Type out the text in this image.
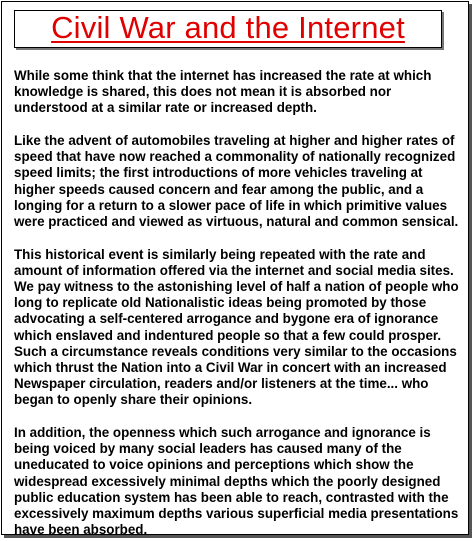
Civil War and the Internet

While some think that the internet has increased the rate at which knowledge is shared, this does not mean it is absorbed nor understood at a similar rate or increased depth.

Like the advent of automobiles traveling at higher and higher rates of speed that have now reached a commonality of nationally recognized speed limits; the first introductions of more vehicles traveling at higher speeds caused concern and fear among the public, and a longing for a return to a slower pace of life in which primitive values were practiced and viewed as virtuous, natural and common sensical.

This historical event is similarly being repeated with the rate and amount of information offered via the internet and social media sites. We pay witness to the astonishing level of half a nation of people who long to replicate old Nationalistic ideas being promoted by those advocating a self-centered arrogance and bygone era of ignorance which enslaved and indentured people so that a few could prosper. Such a circumstance reveals conditions very similar to the occasions which thrust the Nation into a Civil War in concert with an increased Newspaper circulation, readers and/or listeners at the time... who began to openly share their opinions.

In addition, the openness which such arrogance and ignorance is being voiced by many social leaders has caused many of the uneducated to voice opinions and perceptions which show the widespread excessively minimal depths which the poorly designed public education system has been able to reach, contrasted with the excessively maximum depths various superficial media presentations have been absorbed.
